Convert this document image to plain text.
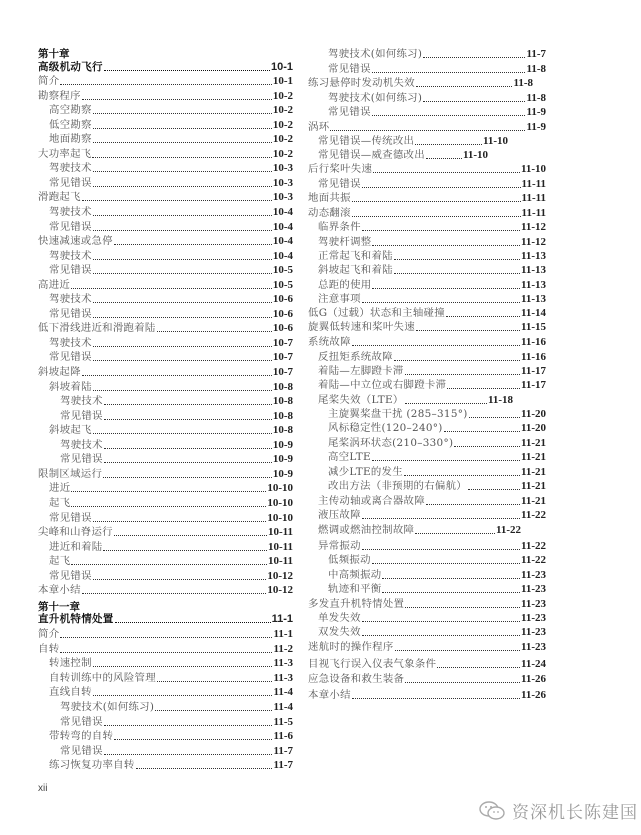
第十章
高级机动飞行	10-1
简介	10-1
勘察程序	10-2
高空勘察	10-2
低空勘察	10-2
地面勘察	10-2
大功率起飞	10-2
驾驶技术	10-3
常见错误	10-3
滑跑起飞	10-3
驾驶技术	10-4
常见错误	10-4
快速减速或急停	10-4
驾驶技术	10-4
常见错误	10-5
高进近	10-5
驾驶技术	10-6
常见错误	10-6
低下滑线进近和滑跑着陆	10-6
驾驶技术	10-7
常见错误	10-7
斜坡起降	10-7
斜坡着陆	10-8
驾驶技术	10-8
常见错误	10-8
斜坡起飞	10-8
驾驶技术	10-9
常见错误	10-9
限制区域运行	10-9
进近	10-10
起飞	10-10
常见错误	10-10
尖峰和山脊运行	10-11
进近和着陆	10-11
起飞	10-11
常见错误	10-12
本章小结	10-12
第十一章
直升机特情处置	11-1
简介	11-1
自转	11-2
转速控制	11-3
自转训练中的风险管理	11-3
直线自转	11-4
驾驶技术(如何练习)	11-4
常见错误	11-5
带转弯的自转	11-6
常见错误	11-7
练习恢复功率自转	11-7
驾驶技术(如何练习)	11-7
常见错误	11-8
练习悬停时发动机失效	11-8
驾驶技术(如何练习)	11-8
常见错误	11-9
涡环	11-9
常见错误—传统改出	11-10
常见错误—威查德改出	11-10
后行桨叶失速	11-10
常见错误	11-11
地面共振	11-11
动态翻滚	11-11
临界条件	11-12
驾驶杆调整	11-12
正常起飞和着陆	11-13
斜坡起飞和着陆	11-13
总距的使用	11-13
注意事项	11-13
低G（过载）状态和主轴碰撞	11-14
旋翼低转速和桨叶失速	11-15
系统故障	11-16
反扭矩系统故障	11-16
着陆—左脚蹬卡滞	11-17
着陆—中立位或右脚蹬卡滞	11-17
尾桨失效（LTE）	11-18
主旋翼桨盘干扰 (285–315°)	11-20
风标稳定性(120–240°)	11-20
尾桨涡环状态(210–330°)	11-21
高空LTE	11-21
减少LTE的发生	11-21
改出方法（非预期的右偏航）	11-21
主传动轴或离合器故障	11-21
液压故障	11-22
燃调或燃油控制故障	11-22
异常振动	11-22
低频振动	11-22
中高频振动	11-23
轨迹和平衡	11-23
多发直升机特情处置	11-23
单发失效	11-23
双发失效	11-23
迷航时的操作程序	11-23
目视飞行误入仪表气象条件	11-24
应急设备和救生装备	11-26
本章小结	11-26
xii
资深机长陈建国
